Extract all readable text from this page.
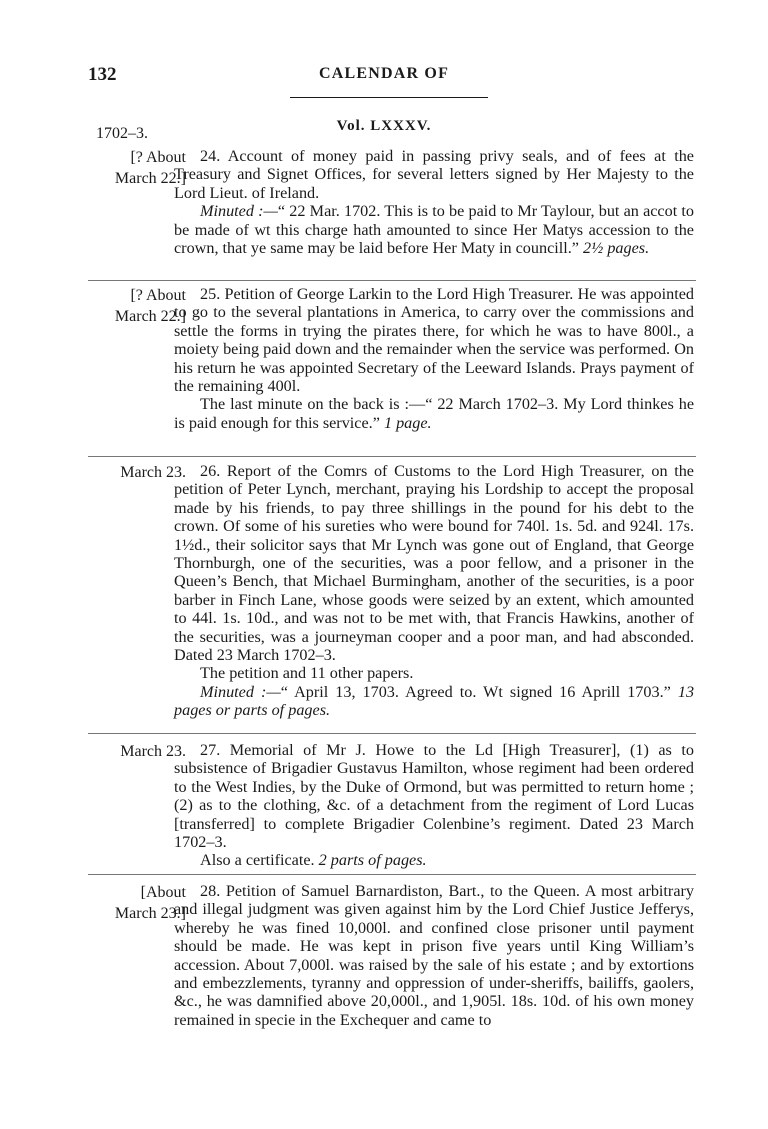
132	CALENDAR OF
1702–3.	Vol. LXXXV.
[? About
March 22.]
24. Account of money paid in passing privy seals, and of fees at the Treasury and Signet Offices, for several letters signed by Her Majesty to the Lord Lieut. of Ireland.
Minuted :—“ 22 Mar. 1702. This is to be paid to Mr Taylour, but an accot to be made of wt this charge hath amounted to since Her Matys accession to the crown, that ye same may be laid before Her Maty in councill.” 2½ pages.
[? About
March 22.]
25. Petition of George Larkin to the Lord High Treasurer. He was appointed to go to the several plantations in America, to carry over the commissions and settle the forms in trying the pirates there, for which he was to have 800l., a moiety being paid down and the remainder when the service was performed. On his return he was appointed Secretary of the Leeward Islands. Prays payment of the remaining 400l.
The last minute on the back is :—“ 22 March 1702–3. My Lord thinkes he is paid enough for this service.” 1 page.
March 23. 26. Report of the Comrs of Customs to the Lord High Treasurer, on the petition of Peter Lynch, merchant, praying his Lordship to accept the proposal made by his friends, to pay three shillings in the pound for his debt to the crown. Of some of his sureties who were bound for 740l. 1s. 5d. and 924l. 17s. 1½d., their solicitor says that Mr Lynch was gone out of England, that George Thornburgh, one of the securities, was a poor fellow, and a prisoner in the Queen’s Bench, that Michael Burmingham, another of the securities, is a poor barber in Finch Lane, whose goods were seized by an extent, which amounted to 44l. 1s. 10d., and was not to be met with, that Francis Hawkins, another of the securities, was a journeyman cooper and a poor man, and had absconded. Dated 23 March 1702–3.
The petition and 11 other papers.
Minuted :—“ April 13, 1703. Agreed to. Wt signed 16 Aprill 1703.” 13 pages or parts of pages.
March 23. 27. Memorial of Mr J. Howe to the Ld [High Treasurer], (1) as to subsistence of Brigadier Gustavus Hamilton, whose regiment had been ordered to the West Indies, by the Duke of Ormond, but was permitted to return home ; (2) as to the clothing, &c. of a detachment from the regiment of Lord Lucas [transferred] to complete Brigadier Colenbine’s regiment. Dated 23 March 1702–3.
Also a certificate. 2 parts of pages.
[About
March 23.]
28. Petition of Samuel Barnardiston, Bart., to the Queen. A most arbitrary and illegal judgment was given against him by the Lord Chief Justice Jefferys, whereby he was fined 10,000l. and confined close prisoner until payment should be made. He was kept in prison five years until King William’s accession. About 7,000l. was raised by the sale of his estate ; and by extortions and embezzlements, tyranny and oppression of under-sheriffs, bailiffs, gaolers, &c., he was damnified above 20,000l., and 1,905l. 18s. 10d. of his own money remained in specie in the Exchequer and came to
